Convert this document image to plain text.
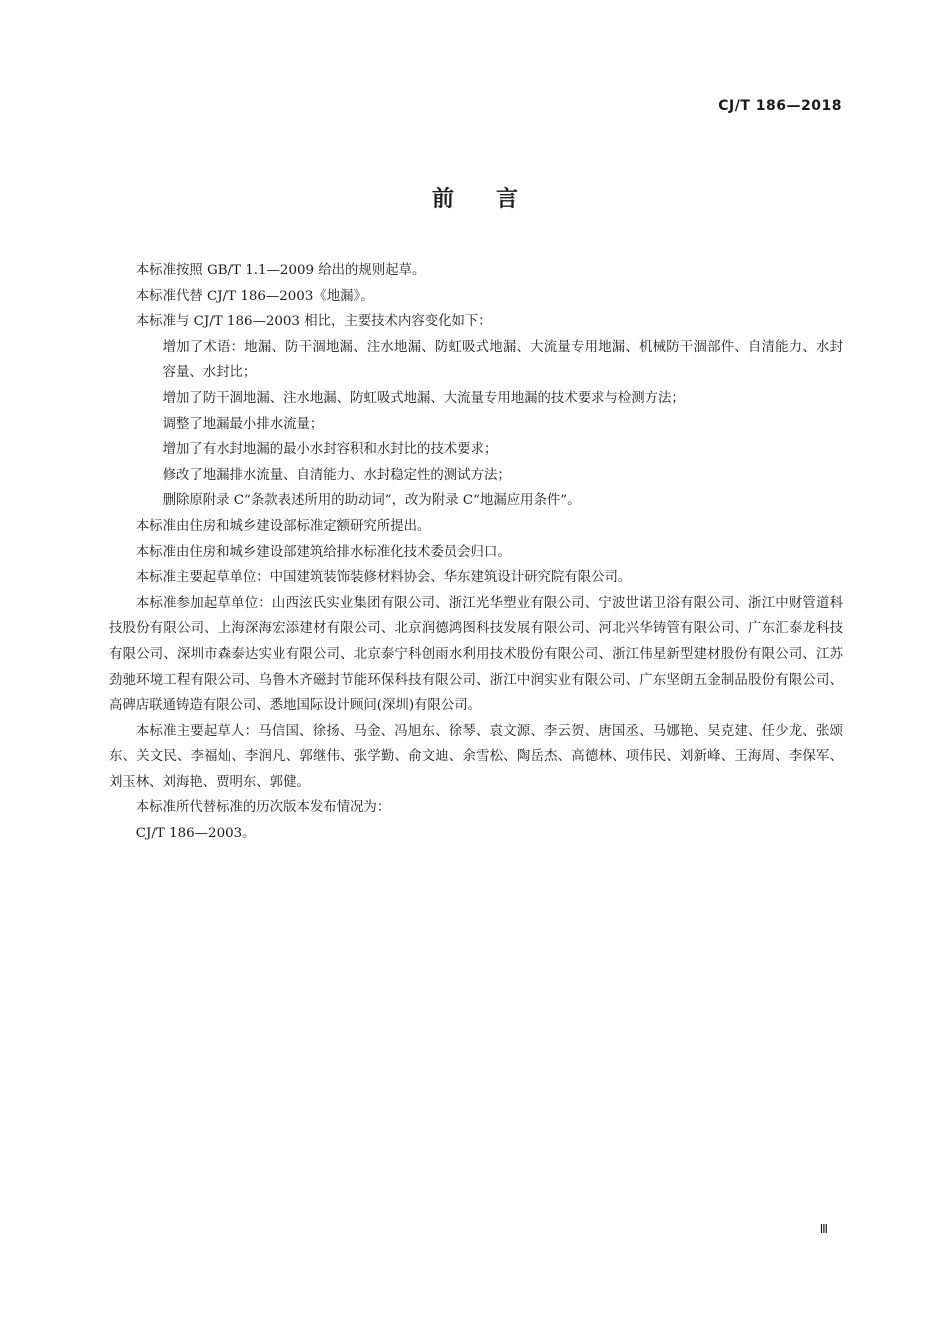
CJ/T 186—2018
前 言

本标准按照 GB/T 1.1—2009 给出的规则起草。

本标准代替 CJ/T 186—2003《地漏》。

本标准与 CJ/T 186—2003 相比，主要技术内容变化如下：

增加了术语：地漏、防干涸地漏、注水地漏、防虹吸式地漏、大流量专用地漏、机械防干涸部件、自清能力、水封容量、水封比；

增加了防干涸地漏、注水地漏、防虹吸式地漏、大流量专用地漏的技术要求与检测方法；

调整了地漏最小排水流量；

增加了有水封地漏的最小水封容积和水封比的技术要求；

修改了地漏排水流量、自清能力、水封稳定性的测试方法；

删除原附录 C“条款表述所用的助动词”，改为附录 C“地漏应用条件”。

本标准由住房和城乡建设部标准定额研究所提出。

本标准由住房和城乡建设部建筑给排水标准化技术委员会归口。

本标准主要起草单位：中国建筑装饰装修材料协会、华东建筑设计研究院有限公司。

本标准参加起草单位：山西泫氏实业集团有限公司、浙江光华塑业有限公司、宁波世诺卫浴有限公司、浙江中财管道科技股份有限公司、上海深海宏添建材有限公司、北京润德鸿图科技发展有限公司、河北兴华铸管有限公司、广东汇泰龙科技有限公司、深圳市森泰达实业有限公司、北京泰宁科创雨水利用技术股份有限公司、浙江伟星新型建材股份有限公司、江苏劲驰环境工程有限公司、乌鲁木齐磁封节能环保科技有限公司、浙江中润实业有限公司、广东坚朗五金制品股份有限公司、高碑店联通铸造有限公司、悉地国际设计顾问(深圳)有限公司。

本标准主要起草人：马信国、徐扬、马金、冯旭东、徐琴、袁文源、李云贺、唐国丞、马娜艳、吴克建、任少龙、张颂东、关文民、李福灿、李润凡、郭继伟、张学勤、俞文迪、余雪松、陶岳杰、高德林、项伟民、刘新峰、王海周、李保军、刘玉林、刘海艳、贾明东、郭健。

本标准所代替标准的历次版本发布情况为：

CJ/T 186—2003。

Ⅲ
